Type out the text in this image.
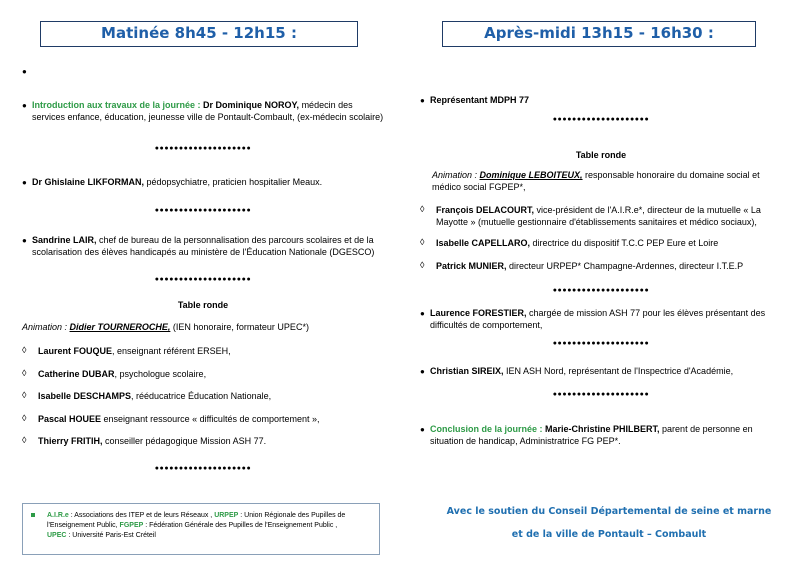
Matinée 8h45 - 12h15 :	Après-midi 13h15 - 16h30 :
●
● Introduction aux travaux de la journée : Dr Dominique NOROY, médecin des services enfance, éducation, jeunesse ville de Pontault-Combault, (ex-médecin scolaire)
●●●●●●●●●●●●●●●●●●●●
● Dr Ghislaine LIKFORMAN, pédopsychiatre, praticien hospitalier Meaux.
●●●●●●●●●●●●●●●●●●●●
● Sandrine LAIR, chef de bureau de la personnalisation des parcours scolaires et de la scolarisation des élèves handicapés au ministère de l'Éducation Nationale (DGESCO)
●●●●●●●●●●●●●●●●●●●●
Table ronde
Animation : Didier TOURNEROCHE, (IEN honoraire, formateur UPEC*)
◊ Laurent FOUQUE, enseignant référent ERSEH,
◊ Catherine DUBAR, psychologue scolaire,
◊ Isabelle DESCHAMPS, rééducatrice Éducation Nationale,
◊ Pascal HOUEE enseignant ressource « difficultés de comportement »,
◊ Thierry FRITIH, conseiller pédagogique Mission ASH 77.
●●●●●●●●●●●●●●●●●●●●
● Représentant MDPH 77
●●●●●●●●●●●●●●●●●●●●
Table ronde
Animation : Dominique LEBOITEUX, responsable honoraire du domaine social et médico social FGPEP*,
◊ François DELACOURT, vice-président de l'A.I.R.e*, directeur de la mutuelle « La Mayotte » (mutuelle gestionnaire d'établissements sanitaires et médico sociaux),
◊ Isabelle CAPELLARO, directrice du dispositif T.C.C PEP Eure et Loire
◊ Patrick MUNIER, directeur URPEP* Champagne-Ardennes, directeur I.T.E.P
●●●●●●●●●●●●●●●●●●●●
● Laurence FORESTIER, chargée de mission ASH 77 pour les élèves présentant des difficultés de comportement,
●●●●●●●●●●●●●●●●●●●●
● Christian SIREIX, IEN ASH Nord, représentant de l'Inspectrice d'Académie,
●●●●●●●●●●●●●●●●●●●●
● Conclusion de la journée : Marie-Christine PHILBERT, parent de personne en situation de handicap, Administratrice FG PEP*.
A.I.R.e : Associations des ITEP et de leurs Réseaux , URPEP : Union Régionale des Pupilles de l'Enseignement Public, FGPEP : Fédération Générale des Pupilles de l'Enseignement Public ,
UPEC : Université Paris-Est Créteil
Avec le soutien du Conseil Départemental de seine et marne
et de la ville de Pontault – Combault
